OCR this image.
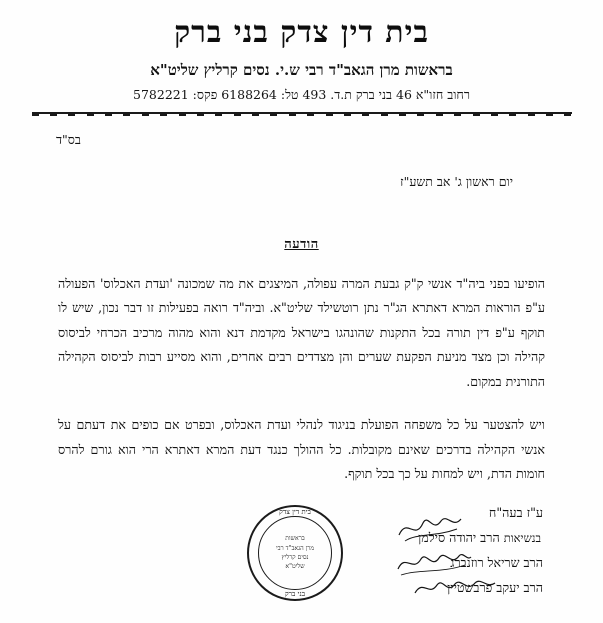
בית דין צדק בני ברק
בראשות מרן הגאב"ד רבי ש.י. נסים קרליץ שליט"א
רחוב חזו"א 46 בני ברק ת.ד. 493 טל: 6188264 פקס: 5782221
בס"ד
יום ראשון ג' אב תשע"ז
הודעה
הופיעו בפני ביה"ד אנשי ק"ק גבעת המרה עפולה, המיצגים את מה שמכונה 'ועדת האכלוס' הפעולה ע"פ הוראות המרא דאתרא הג"ר נתן רוטשילד שליט"א. וביה"ד רואה בפעילות זו דבר נכון, שיש לו תוקף ע"פ דין תורה בכל התקנות שהונהגו בישראל מקדמת דנא והוא מהוה מרכיב הכרחי לביסוס קהילה וכן מצד מניעת הפקעת שערים והן מצדדים רבים אחרים, והוא מסייע רבות לביסוס הקהילה התורנית במקום.
ויש להצטער על כל משפחה הפועלת בניגוד לנהלי ועדת האכלוס, ובפרט אם כופים את דעתם על אנשי הקהילה בדרכים שאינם מקובלות. כל ההולך כנגד דעת המרא דאתרא הרי הוא גורם להרס חומות הדת, ויש למחות על כך בכל תוקף.
בית דין צדק
בראשות
מרן הגאב"ד רבי
נסים קרליץ
שליט"א
בני ברק
ע"ז בעה"ח
בנשיאות הרב יהודה סילמן
הרב שריאל רוזנברג
הרב יעקב פרבשטיין
